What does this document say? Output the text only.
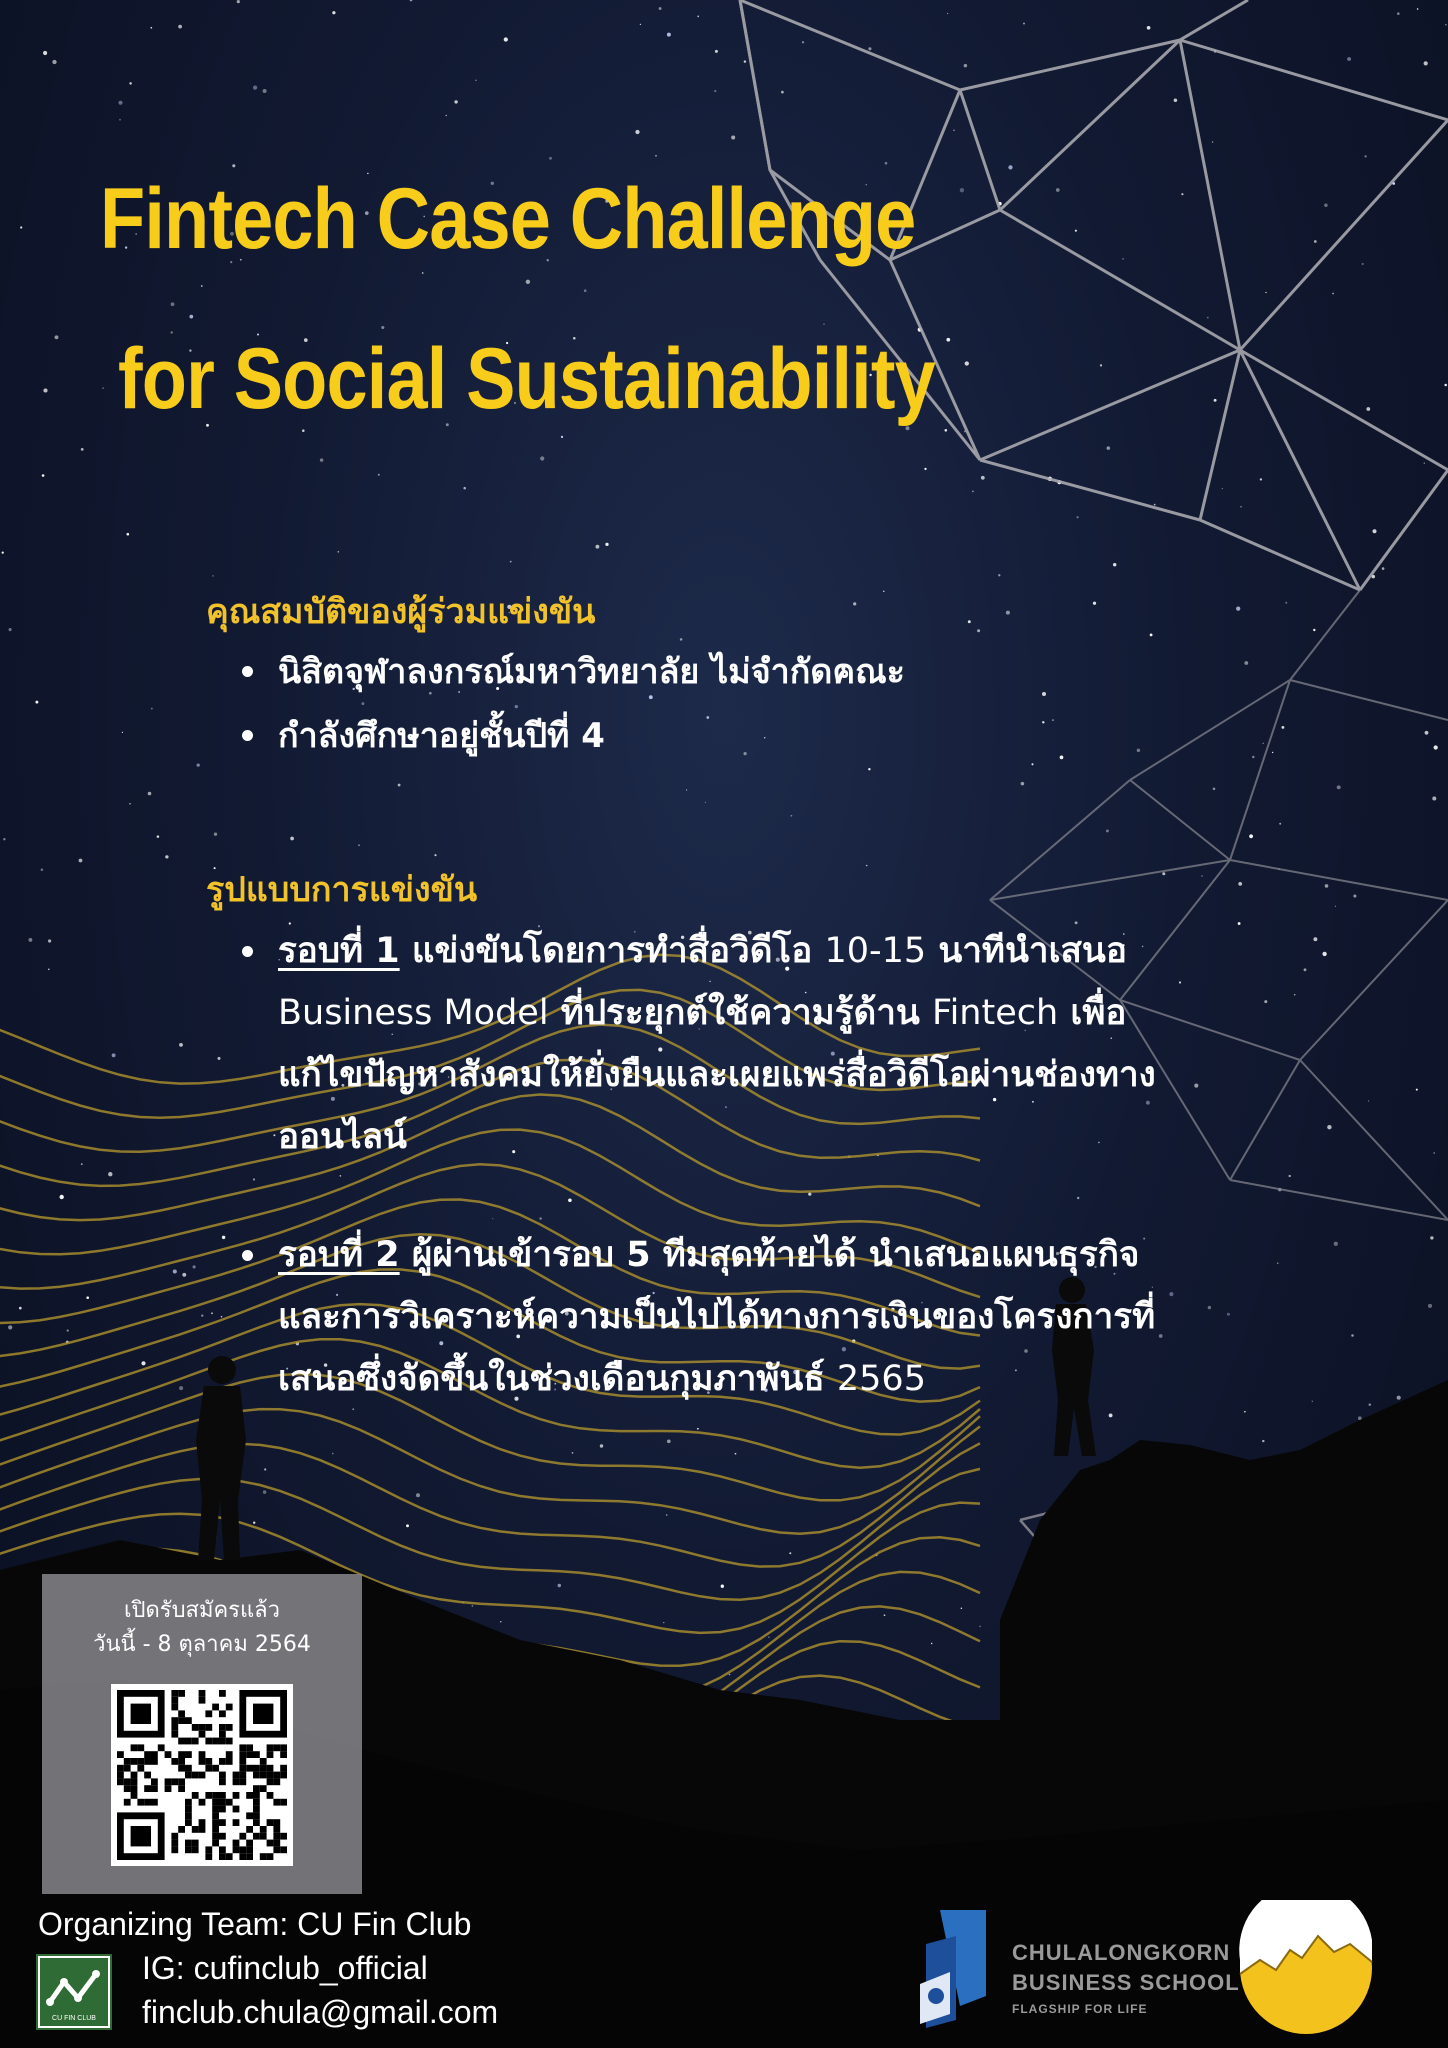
Fintech Case Challenge
for Social Sustainability
คุณสมบัติของผู้ร่วมแข่งขัน
นิสิตจุฬาลงกรณ์มหาวิทยาลัย ไม่จำกัดคณะ
กำลังศึกษาอยู่ชั้นปีที่ 4
รูปแบบการแข่งขัน
รอบที่ 1 แข่งขันโดยการทำสื่อวิดีโอ 10-15 นาทีนำเสนอ Business Model ที่ประยุกต์ใช้ความรู้ด้าน Fintech เพื่อแก้ไขปัญหาสังคมให้ยั่งยืนและเผยแพร่สื่อวิดีโอผ่านช่องทางออนไลน์
รอบที่ 2 ผู้ผ่านเข้ารอบ 5 ทีมสุดท้ายได้ นำเสนอแผนธุรกิจ และการวิเคราะห์ความเป็นไปได้ทางการเงินของโครงการที่เสนอซึ่งจัดขึ้นในช่วงเดือนกุมภาพันธ์ 2565
เปิดรับสมัครแล้ว
วันนี้ - 8 ตุลาคม 2564
Organizing Team: CU Fin Club
CU FIN CLUB
IG: cufinclub_official
finclub.chula@gmail.com
CHULALONGKORN
BUSINESS SCHOOL
FLAGSHIP FOR LIFE
